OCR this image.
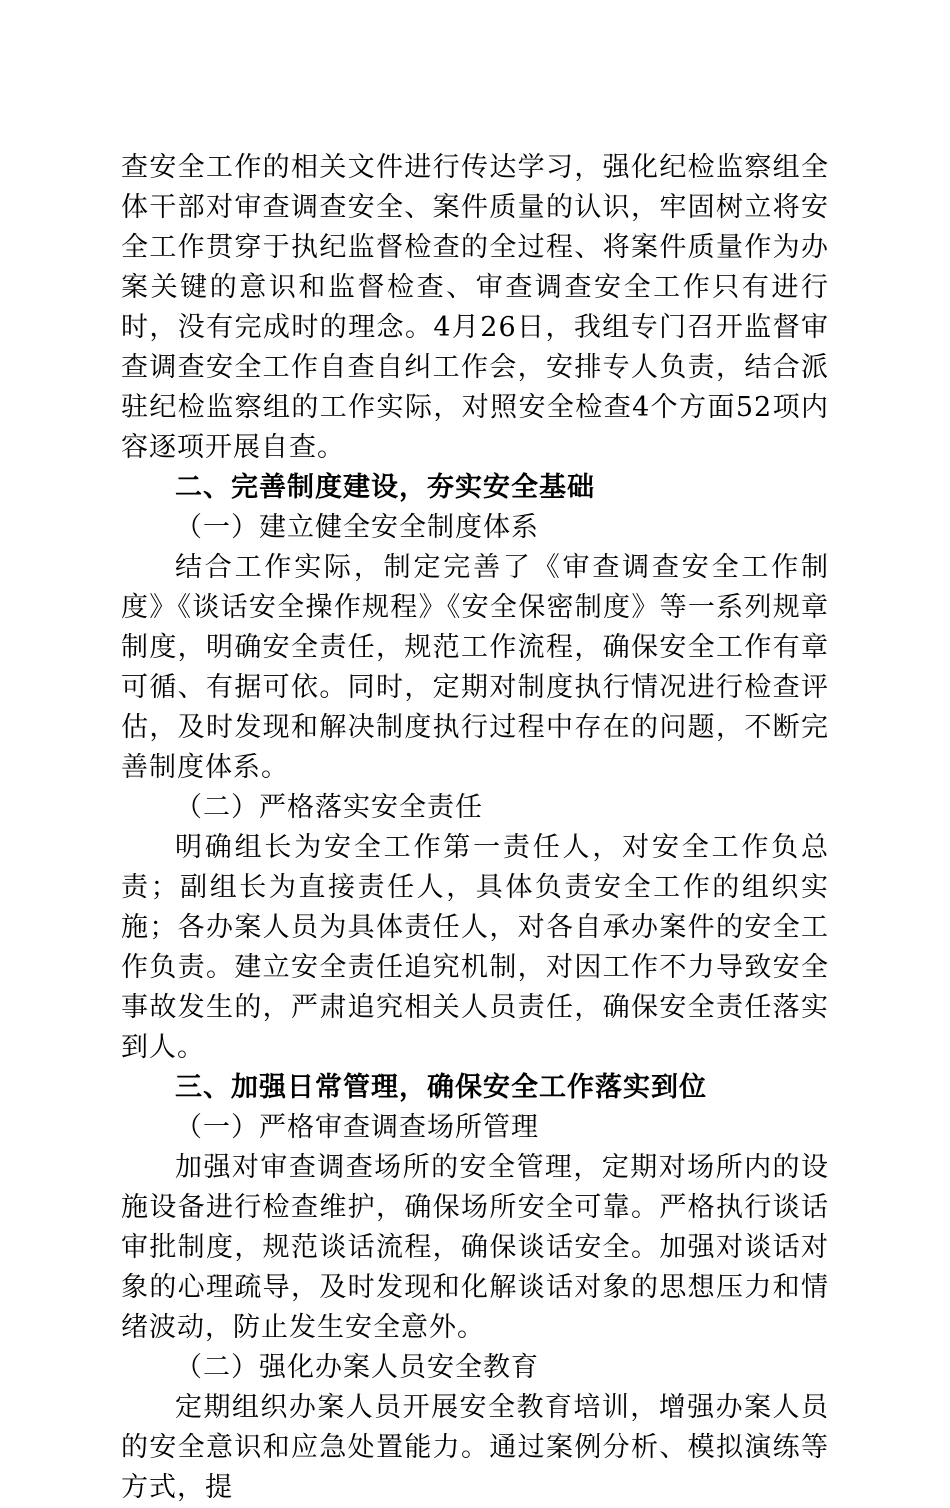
查安全工作的相关文件进行传达学习，强化纪检监察组全体干部对审查调查安全、案件质量的认识，牢固树立将安全工作贯穿于执纪监督检查的全过程、将案件质量作为办案关键的意识和监督检查、审查调查安全工作只有进行时，没有完成时的理念。4月26日，我组专门召开监督审查调查安全工作自查自纠工作会，安排专人负责，结合派驻纪检监察组的工作实际，对照安全检查4个方面52项内容逐项开展自查。

二、完善制度建设，夯实安全基础

（一）建立健全安全制度体系

结合工作实际，制定完善了《审查调查安全工作制度》《谈话安全操作规程》《安全保密制度》等一系列规章制度，明确安全责任，规范工作流程，确保安全工作有章可循、有据可依。同时，定期对制度执行情况进行检查评估，及时发现和解决制度执行过程中存在的问题，不断完善制度体系。

（二）严格落实安全责任

明确组长为安全工作第一责任人，对安全工作负总责；副组长为直接责任人，具体负责安全工作的组织实施；各办案人员为具体责任人，对各自承办案件的安全工作负责。建立安全责任追究机制，对因工作不力导致安全事故发生的，严肃追究相关人员责任，确保安全责任落实到人。

三、加强日常管理，确保安全工作落实到位

（一）严格审查调查场所管理

加强对审查调查场所的安全管理，定期对场所内的设施设备进行检查维护，确保场所安全可靠。严格执行谈话审批制度，规范谈话流程，确保谈话安全。加强对谈话对象的心理疏导，及时发现和化解谈话对象的思想压力和情绪波动，防止发生安全意外。

（二）强化办案人员安全教育

定期组织办案人员开展安全教育培训，增强办案人员的安全意识和应急处置能力。通过案例分析、模拟演练等方式，提
